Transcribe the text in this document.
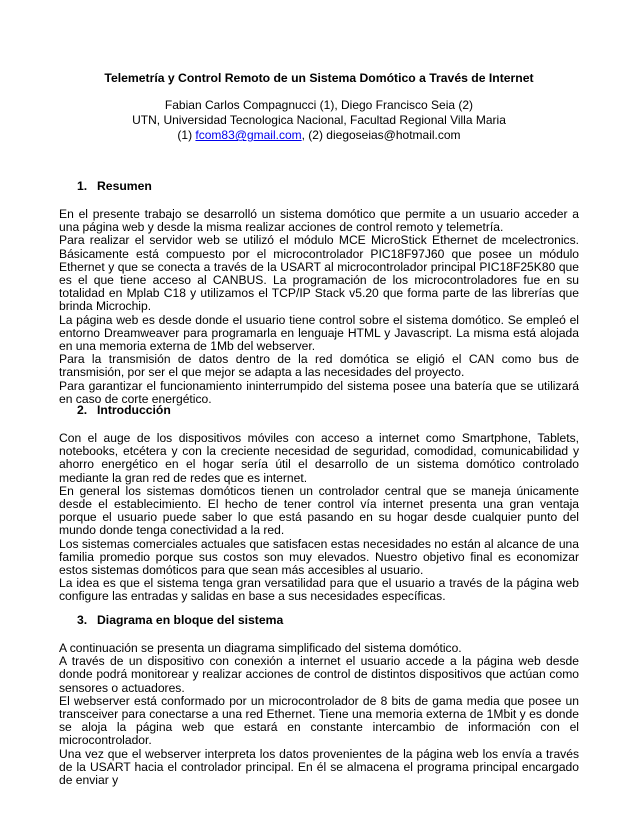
Telemetría y Control Remoto de un Sistema Domótico a Través de Internet
Fabian Carlos Compagnucci (1), Diego Francisco Seia (2)
UTN, Universidad Tecnologica Nacional, Facultad Regional Villa Maria
(1) fcom83@gmail.com, (2) diegoseias@hotmail.com
1. Resumen

En el presente trabajo se desarrolló un sistema domótico que permite a un usuario acceder a una página web y desde la misma realizar acciones de control remoto y telemetría.

Para realizar el servidor web se utilizó el módulo MCE MicroStick Ethernet de mcelectronics. Básicamente está compuesto por el microcontrolador PIC18F97J60 que posee un módulo Ethernet y que se conecta a través de la USART al microcontrolador principal PIC18F25K80 que es el que tiene acceso al CANBUS. La programación de los microcontroladores fue en su totalidad en Mplab C18 y utilizamos el TCP/IP Stack v5.20 que forma parte de las librerías que brinda Microchip.

La página web es desde donde el usuario tiene control sobre el sistema domótico. Se empleó el entorno Dreamweaver para programarla en lenguaje HTML y Javascript. La misma está alojada en una memoria externa de 1Mb del webserver.

Para la transmisión de datos dentro de la red domótica se eligió el CAN como bus de transmisión, por ser el que mejor se adapta a las necesidades del proyecto.

Para garantizar el funcionamiento ininterrumpido del sistema posee una batería que se utilizará en caso de corte energético.

2. Introducción

Con el auge de los dispositivos móviles con acceso a internet como Smartphone, Tablets, notebooks, etcétera y con la creciente necesidad de seguridad, comodidad, comunicabilidad y ahorro energético en el hogar sería útil el desarrollo de un sistema domótico controlado mediante la gran red de redes que es internet.

En general los sistemas domóticos tienen un controlador central que se maneja únicamente desde el establecimiento. El hecho de tener control vía internet presenta una gran ventaja porque el usuario puede saber lo que está pasando en su hogar desde cualquier punto del mundo donde tenga conectividad a la red.

Los sistemas comerciales actuales que satisfacen estas necesidades no están al alcance de una familia promedio porque sus costos son muy elevados. Nuestro objetivo final es economizar estos sistemas domóticos para que sean más accesibles al usuario.

La idea es que el sistema tenga gran versatilidad para que el usuario a través de la página web configure las entradas y salidas en base a sus necesidades específicas.

3. Diagrama en bloque del sistema

A continuación se presenta un diagrama simplificado del sistema domótico.

A través de un dispositivo con conexión a internet el usuario accede a la página web desde donde podrá monitorear y realizar acciones de control de distintos dispositivos que actúan como sensores o actuadores.

El webserver está conformado por un microcontrolador de 8 bits de gama media que posee un transceiver para conectarse a una red Ethernet. Tiene una memoria externa de 1Mbit y es donde se aloja la página web que estará en constante intercambio de información con el microcontrolador.

Una vez que el webserver interpreta los datos provenientes de la página web los envía a través de la USART hacia el controlador principal. En él se almacena el programa principal encargado de enviar y
